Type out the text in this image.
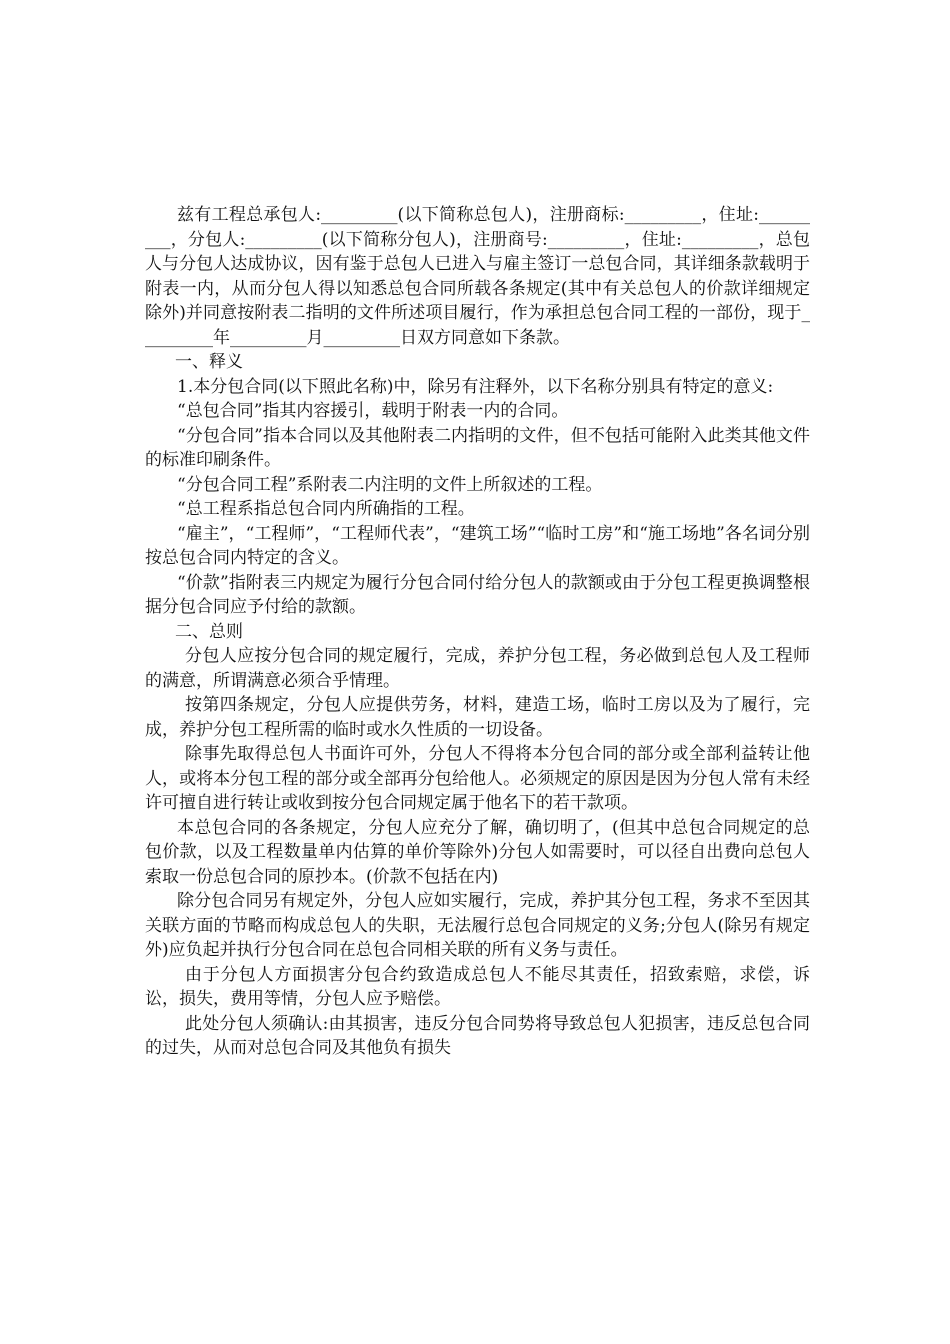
兹有工程总承包人:_________(以下简称总包人)，注册商标:_________，住址:_________，分包人:_________(以下简称分包人)，注册商号:_________，住址:_________，总包人与分包人达成协议，因有鉴于总包人已进入与雇主签订一总包合同，其详细条款载明于附表一内，从而分包人得以知悉总包合同所载各条规定(其中有关总包人的价款详细规定除外)并同意按附表二指明的文件所述项目履行，作为承担总包合同工程的一部份，现于_________年_________月_________日双方同意如下条款。

一、释义

1.本分包合同(以下照此名称)中，除另有注释外，以下名称分别具有特定的意义:

“总包合同”指其内容援引，载明于附表一内的合同。

“分包合同”指本合同以及其他附表二内指明的文件，但不包括可能附入此类其他文件的标准印刷条件。

“分包合同工程”系附表二内注明的文件上所叙述的工程。

“总工程系指总包合同内所确指的工程。

“雇主”，“工程师”，“工程师代表”，“建筑工场”“临时工房”和“施工场地”各名词分别按总包合同内特定的含义。

“价款”指附表三内规定为履行分包合同付给分包人的款额或由于分包工程更换调整根据分包合同应予付给的款额。

二、总则

分包人应按分包合同的规定履行，完成，养护分包工程，务必做到总包人及工程师的满意，所谓满意必须合乎情理。

按第四条规定，分包人应提供劳务，材料，建造工场，临时工房以及为了履行，完成，养护分包工程所需的临时或水久性质的一切设备。

除事先取得总包人书面许可外，分包人不得将本分包合同的部分或全部利益转让他人，或将本分包工程的部分或全部再分包给他人。必须规定的原因是因为分包人常有未经许可擅自进行转让或收到按分包合同规定属于他名下的若干款项。

本总包合同的各条规定，分包人应充分了解，确切明了，(但其中总包合同规定的总包价款，以及工程数量单内估算的单价等除外)分包人如需要时，可以径自出费向总包人索取一份总包合同的原抄本。(价款不包括在内)

除分包合同另有规定外，分包人应如实履行，完成，养护其分包工程，务求不至因其关联方面的节略而构成总包人的失职，无法履行总包合同规定的义务;分包人(除另有规定外)应负起并执行分包合同在总包合同相关联的所有义务与责任。

由于分包人方面损害分包合约致造成总包人不能尽其责任，招致索赔，求偿，诉讼，损失，费用等情，分包人应予赔偿。

此处分包人须确认:由其损害，违反分包合同势将导致总包人犯损害，违反总包合同的过失，从而对总包合同及其他负有损失
